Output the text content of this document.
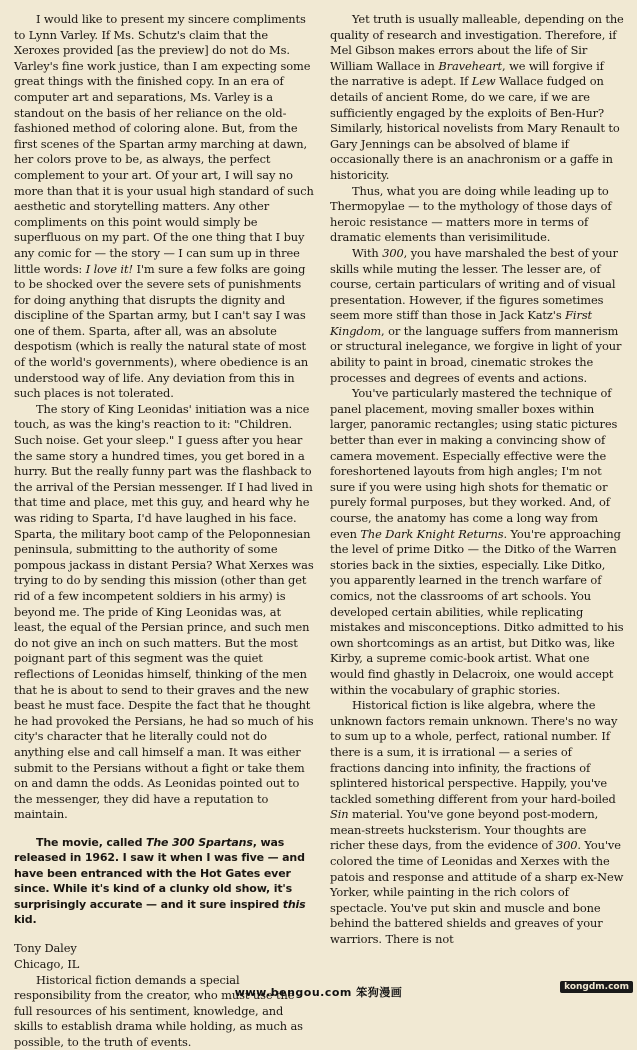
I would like to present my sincere compliments to Lynn Varley. If Ms. Schutz's claim that the Xeroxes provided [as the preview] do not do Ms. Varley's fine work justice, than I am expecting some great things with the finished copy. In an era of computer art and separations, Ms. Varley is a standout on the basis of her reliance on the old-fashioned method of coloring alone. But, from the first scenes of the Spartan army marching at dawn, her colors prove to be, as always, the perfect complement to your art. Of your art, I will say no more than that it is your usual high standard of such aesthetic and storytelling matters. Any other compliments on this point would simply be superfluous on my part. Of the one thing that I buy any comic for — the story — I can sum up in three little words: I love it! I'm sure a few folks are going to be shocked over the severe sets of punishments for doing anything that disrupts the dignity and discipline of the Spartan army, but I can't say I was one of them. Sparta, after all, was an absolute despotism (which is really the natural state of most of the world's governments), where obedience is an understood way of life. Any deviation from this in such places is not tolerated.

The story of King Leonidas' initiation was a nice touch, as was the king's reaction to it: "Children. Such noise. Get your sleep." I guess after you hear the same story a hundred times, you get bored in a hurry. But the really funny part was the flashback to the arrival of the Persian messenger. If I had lived in that time and place, met this guy, and heard why he was riding to Sparta, I'd have laughed in his face. Sparta, the military boot camp of the Peloponnesian peninsula, submitting to the authority of some pompous jackass in distant Persia? What Xerxes was trying to do by sending this mission (other than get rid of a few incompetent soldiers in his army) is beyond me. The pride of King Leonidas was, at least, the equal of the Persian prince, and such men do not give an inch on such matters. But the most poignant part of this segment was the quiet reflections of Leonidas himself, thinking of the men that he is about to send to their graves and the new beast he must face. Despite the fact that he thought he had provoked the Persians, he had so much of his city's character that he literally could not do anything else and call himself a man. It was either submit to the Persians without a fight or take them on and damn the odds. As Leonidas pointed out to the messenger, they did have a reputation to maintain.

The movie, called The 300 Spartans, was released in 1962. I saw it when I was five — and have been entranced with the Hot Gates ever since. While it's kind of a clunky old show, it's surprisingly accurate — and it sure inspired this kid.

Tony Daley

Chicago, IL

Historical fiction demands a special responsibility from the creator, who must use the full resources of his sentiment, knowledge, and skills to establish drama while holding, as much as possible, to the truth of events.

Yet truth is usually malleable, depending on the quality of research and investigation. Therefore, if Mel Gibson makes errors about the life of Sir William Wallace in Braveheart, we will forgive if the narrative is adept. If Lew Wallace fudged on details of ancient Rome, do we care, if we are sufficiently engaged by the exploits of Ben-Hur? Similarly, historical novelists from Mary Renault to Gary Jennings can be absolved of blame if occasionally there is an anachronism or a gaffe in historicity.

Thus, what you are doing while leading up to Thermopylae — to the mythology of those days of heroic resistance — matters more in terms of dramatic elements than verisimilitude.

With 300, you have marshaled the best of your skills while muting the lesser. The lesser are, of course, certain particulars of writing and of visual presentation. However, if the figures sometimes seem more stiff than those in Jack Katz's First Kingdom, or the language suffers from mannerism or structural inelegance, we forgive in light of your ability to paint in broad, cinematic strokes the processes and degrees of events and actions.

You've particularly mastered the technique of panel placement, moving smaller boxes within larger, panoramic rectangles; using static pictures better than ever in making a convincing show of camera movement. Especially effective were the foreshortened layouts from high angles; I'm not sure if you were using high shots for thematic or purely formal purposes, but they worked. And, of course, the anatomy has come a long way from even The Dark Knight Returns. You're approaching the level of prime Ditko — the Ditko of the Warren stories back in the sixties, especially. Like Ditko, you apparently learned in the trench warfare of comics, not the classrooms of art schools. You developed certain abilities, while replicating mistakes and misconceptions. Ditko admitted to his own shortcomings as an artist, but Ditko was, like Kirby, a supreme comic-book artist. What one would find ghastly in Delacroix, one would accept within the vocabulary of graphic stories.

Historical fiction is like algebra, where the unknown factors remain unknown. There's no way to sum up to a whole, perfect, rational number. If there is a sum, it is irrational — a series of fractions dancing into infinity, the fractions of splintered historical perspective. Happily, you've tackled something different from your hard-boiled Sin material. You've gone beyond post-modern, mean-streets hucksterism. Your thoughts are richer these days, from the evidence of 300. You've colored the time of Leonidas and Xerxes with the patois and response and attitude of a sharp ex-New Yorker, while painting in the rich colors of spectacle. You've put skin and muscle and bone behind the battered shields and greaves of your warriors. There is not

www.bengou.com 笨狗漫画	kongdm.com
